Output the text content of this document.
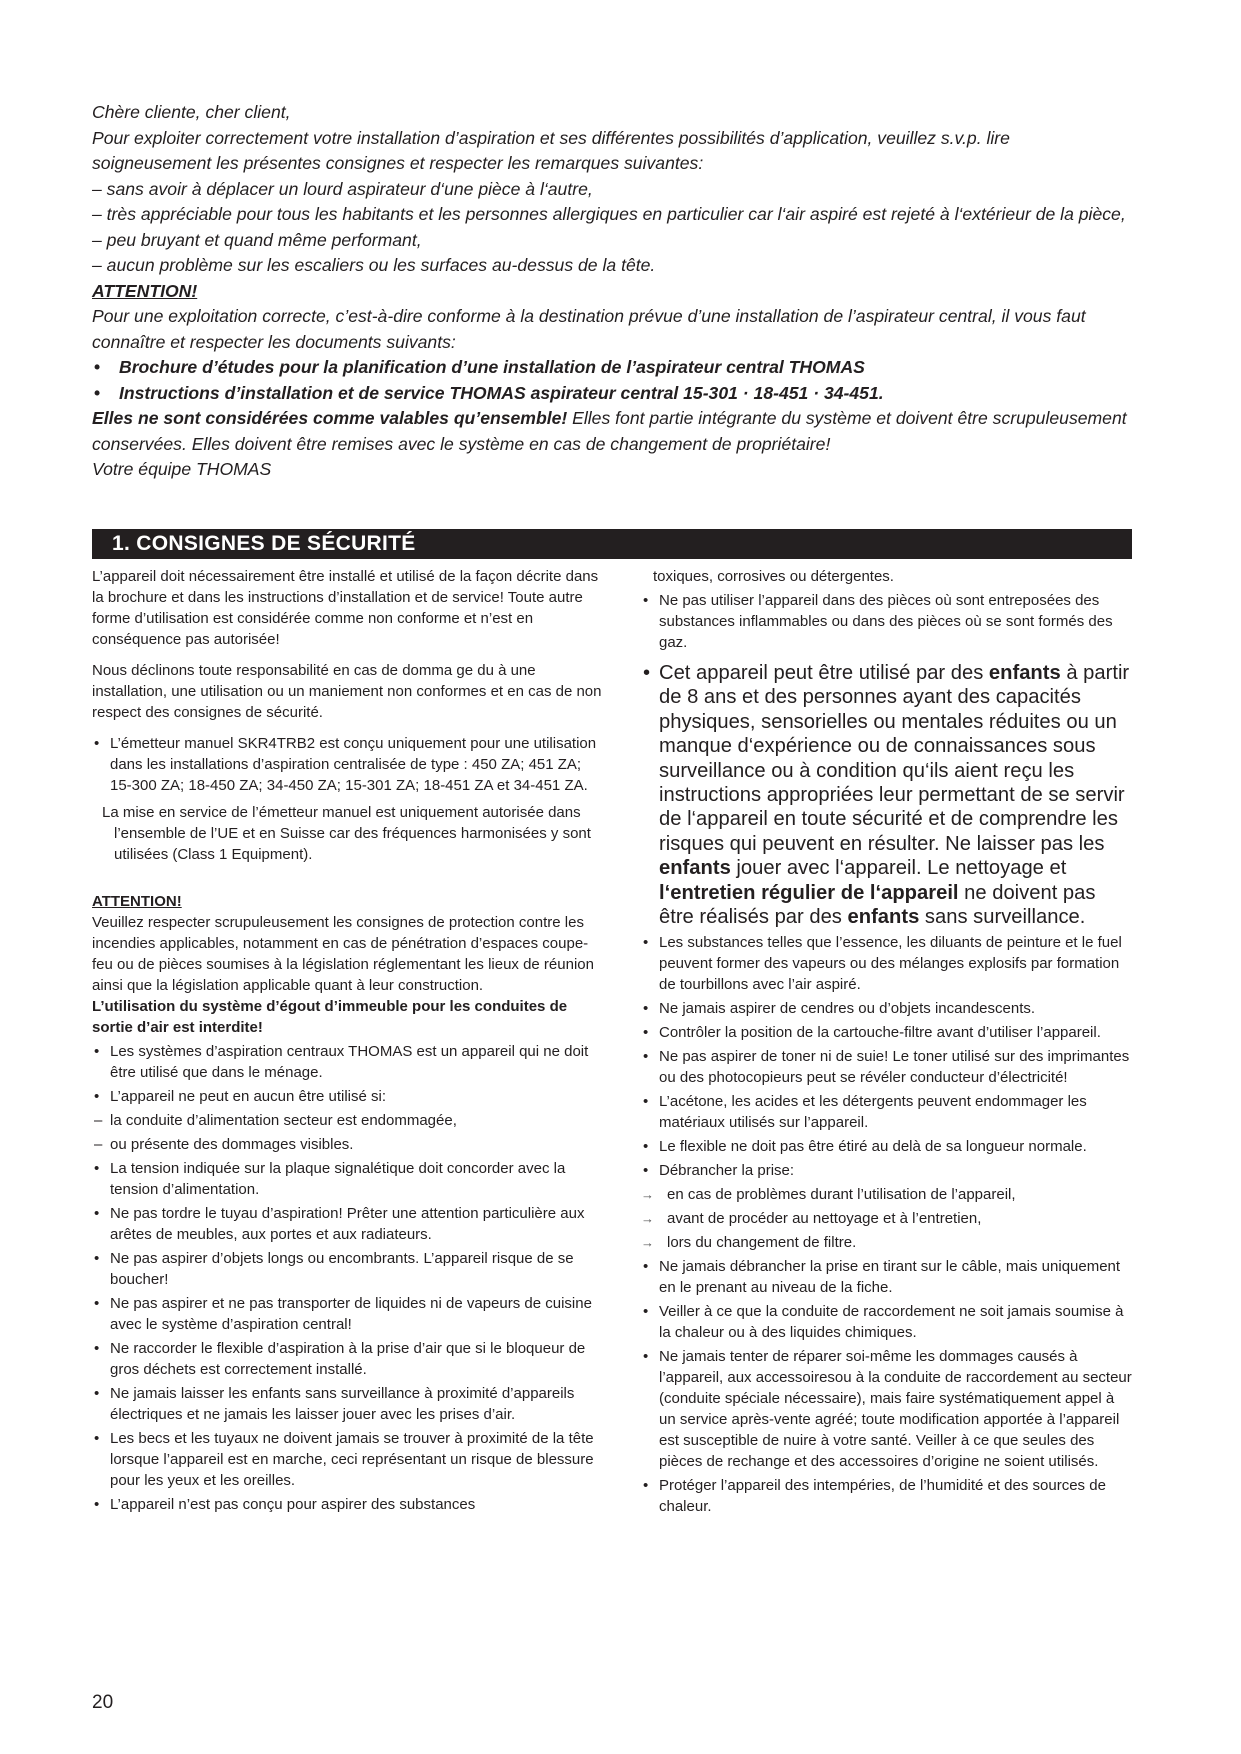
Chère cliente, cher client,

Pour exploiter correctement votre installation d’aspiration et ses différentes possibilités d’application, veuillez s.v.p. lire soigneusement les présentes consignes et respecter les remarques suivantes:

– sans avoir à déplacer un lourd aspirateur d‘une pièce à l‘autre,
– très appréciable pour tous les habitants et les personnes allergiques en particulier car l‘air aspiré est rejeté à l‘extérieur de la pièce,
– peu bruyant et quand même performant,
– aucun problème sur les escaliers ou les surfaces au-dessus de la tête.

ATTENTION!

Pour une exploitation correcte, c’est-à-dire conforme à la destination prévue d’une installation de l’aspirateur central, il vous faut connaître et respecter les documents suivants:

• Brochure d’études pour la planification d’une installation de l’aspirateur central THOMAS
• Instructions d’installation et de service THOMAS aspirateur central 15-301 · 18-451 · 34-451.

Elles ne sont considérées comme valables qu’ensemble! Elles font partie intégrante du système et doivent être scrupuleusement conservées. Elles doivent être remises avec le système en cas de changement de propriétaire!

Votre équipe THOMAS

1. CONSIGNES DE SÉCURITÉ

L’appareil doit nécessairement être installé et utilisé de la façon décrite dans la brochure et dans les instructions d’installation et de service! Toute autre forme d’utilisation est considérée comme non conforme et n’est en conséquence pas autorisée!

Nous déclinons toute responsabilité en cas de domma ge du à une installation, une utilisation ou un maniement non conformes et en cas de non respect des consignes de sécurité.

• L’émetteur manuel SKR4TRB2 est conçu uniquement pour une utilisation dans les installations d’aspiration centralisée de type : 450 ZA; 451 ZA; 15-300 ZA; 18-450 ZA; 34-450 ZA; 15-301 ZA; 18-451 ZA et 34-451 ZA.

La mise en service de l’émetteur manuel est uniquement autorisée dans l’ensemble de l’UE et en Suisse car des fréquences harmonisées y sont utilisées (Class 1 Equipment).

ATTENTION!

Veuillez respecter scrupuleusement les consignes de protection contre les incendies applicables, notamment en cas de pénétration d’espaces coupe-feu ou de pièces soumises à la législation réglementant les lieux de réunion ainsi que la législation applicable quant à leur construction.

L’utilisation du système d’égout d’immeuble pour les conduites de sortie d’air est interdite!

• Les systèmes d’aspiration centraux THOMAS est un appareil qui ne doit être utilisé que dans le ménage.
• L’appareil ne peut en aucun être utilisé si:
– la conduite d’alimentation secteur est endommagée,
– ou présente des dommages visibles.
• La tension indiquée sur la plaque signalétique doit concorder avec la tension d’alimentation.
• Ne pas tordre le tuyau d’aspiration! Prêter une attention particulière aux arêtes de meubles, aux portes et aux radiateurs.
• Ne pas aspirer d’objets longs ou encombrants. L’appareil risque de se boucher!
• Ne pas aspirer et ne pas transporter de liquides ni de vapeurs de cuisine avec le système d’aspiration central!
• Ne raccorder le flexible d’aspiration à la prise d’air que si le bloqueur de gros déchets est correctement installé.
• Ne jamais laisser les enfants sans surveillance à proximité d’appareils électriques et ne jamais les laisser jouer avec les prises d’air.
• Les becs et les tuyaux ne doivent jamais se trouver à proximité de la tête lorsque l’appareil est en marche, ceci représentant un risque de blessure pour les yeux et les oreilles.
• L’appareil n’est pas conçu pour aspirer des substances

toxiques, corrosives ou détergentes.

• Ne pas utiliser l’appareil dans des pièces où sont entreposées des substances inflammables ou dans des pièces où se sont formés des gaz.
• Cet appareil peut être utilisé par des enfants à partir de 8 ans et des personnes ayant des capacités physiques, sensorielles ou mentales réduites ou un manque d‘expérience ou de connaissances sous surveillance ou à condition qu‘ils aient reçu les instructions appropriées leur permettant de se servir de l‘appareil en toute sécurité et de comprendre les risques qui peuvent en résulter. Ne laisser pas les enfants jouer avec l‘appareil. Le nettoyage et l‘entretien régulier de l‘appareil ne doivent pas être réalisés par des enfants sans surveillance.
• Les substances telles que l’essence, les diluants de peinture et le fuel peuvent former des vapeurs ou des mélanges explosifs par formation de tourbillons avec l’air aspiré.
• Ne jamais aspirer de cendres ou d’objets incandescents.
• Contrôler la position de la cartouche-filtre avant d’utiliser l’appareil.
• Ne pas aspirer de toner ni de suie! Le toner utilisé sur des imprimantes ou des photocopieurs peut se révéler conducteur d’électricité!
• L’acétone, les acides et les détergents peuvent endommager les matériaux utilisés sur l’appareil.
• Le flexible ne doit pas être étiré au delà de sa longueur normale.
• Débrancher la prise:
→ en cas de problèmes durant l’utilisation de l’appareil,
→ avant de procéder au nettoyage et à l’entretien,
→ lors du changement de filtre.
• Ne jamais débrancher la prise en tirant sur le câble, mais uniquement en le prenant au niveau de la fiche.
• Veiller à ce que la conduite de raccordement ne soit jamais soumise à la chaleur ou à des liquides chimiques.
• Ne jamais tenter de réparer soi-même les dommages causés à l’appareil, aux accessoiresou à la conduite de raccordement au secteur (conduite spéciale nécessaire), mais faire systématiquement appel à un service après-vente agréé; toute modification apportée à l’appareil est susceptible de nuire à votre santé. Veiller à ce que seules des pièces de rechange et des accessoires d’origine ne soient utilisés.
• Protéger l’appareil des intempéries, de l’humidité et des sources de chaleur.
20
